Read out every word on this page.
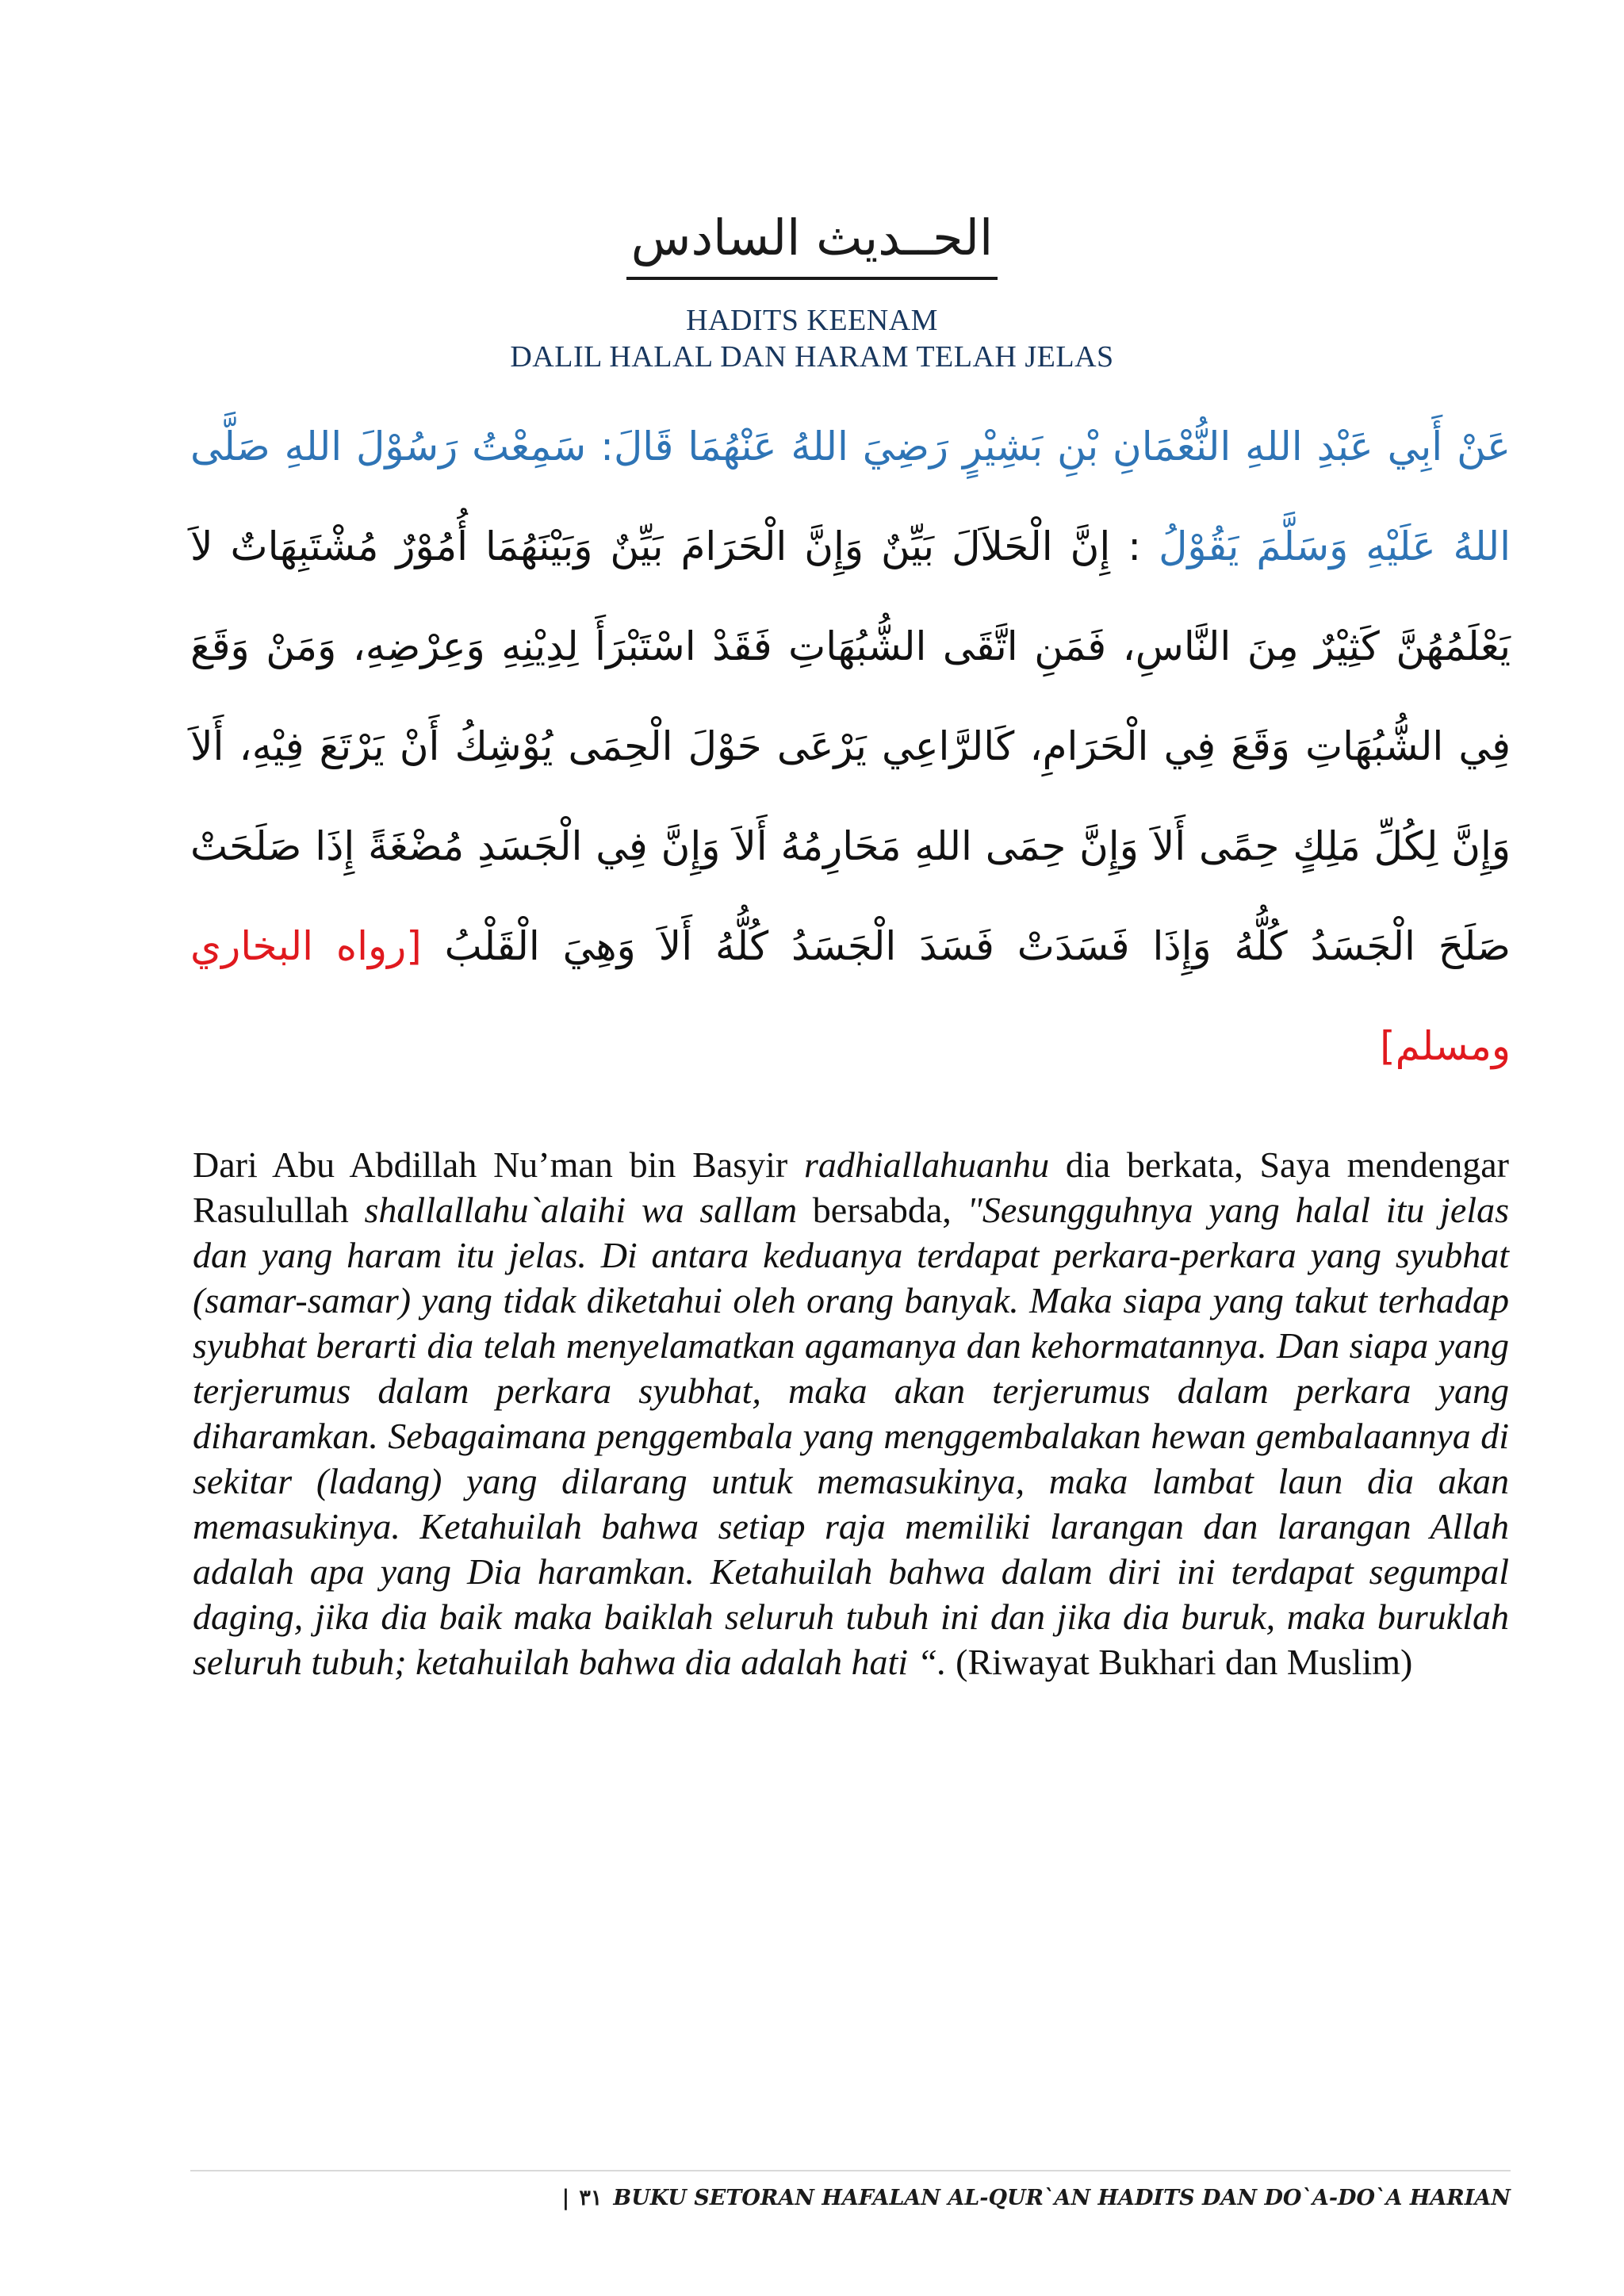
الحــديث السادس
HADITS KEENAM
DALIL HALAL DAN HARAM TELAH JELAS
عَنْ أَبِي عَبْدِ اللهِ النُّعْمَانِ بْنِ بَشِيْرٍ رَضِيَ اللهُ عَنْهُمَا قَالَ: سَمِعْتُ رَسُوْلَ اللهِ صَلَّى اللهُ عَلَيْهِ وَسَلَّمَ يَقُوْلُ : إِنَّ الْحَلاَلَ بَيِّنٌ وَإِنَّ الْحَرَامَ بَيِّنٌ وَبَيْنَهُمَا أُمُوْرٌ مُشْتَبِهَاتٌ لاَ يَعْلَمُهُنَّ كَثِيْرٌ مِنَ النَّاسِ، فَمَنِ اتَّقَى الشُّبُهَاتِ فَقَدْ اسْتَبْرَأَ لِدِيْنِهِ وَعِرْضِهِ، وَمَنْ وَقَعَ فِي الشُّبُهَاتِ وَقَعَ فِي الْحَرَامِ، كَالرَّاعِي يَرْعَى حَوْلَ الْحِمَى يُوْشِكُ أَنْ يَرْتَعَ فِيْهِ، أَلاَ وَإِنَّ لِكُلِّ مَلِكٍ حِمًى أَلاَ وَإِنَّ حِمَى اللهِ مَحَارِمُهُ أَلاَ وَإِنَّ فِي الْجَسَدِ مُضْغَةً إِذَا صَلَحَتْ صَلَحَ الْجَسَدُ كُلُّهُ وَإِذَا فَسَدَتْ فَسَدَ الْجَسَدُ كُلُّهُ أَلاَ وَهِيَ الْقَلْبُ [رواه البخاري ومسلم]
Dari Abu Abdillah Nu’man bin Basyir radhiallahuanhu dia berkata, Saya mendengar Rasulullah shallallahu`alaihi wa sallam bersabda, "Sesungguhnya yang halal itu jelas dan yang haram itu jelas. Di antara keduanya terdapat perkara-perkara yang syubhat (samar-samar) yang tidak diketahui oleh orang banyak. Maka siapa yang takut terhadap syubhat berarti dia telah menyelamatkan agamanya dan kehormatannya. Dan siapa yang terjerumus dalam perkara syubhat, maka akan terjerumus dalam perkara yang diharamkan. Sebagaimana penggembala yang menggembalakan hewan gembalaannya di sekitar (ladang) yang dilarang untuk memasukinya, maka lambat laun dia akan memasukinya. Ketahuilah bahwa setiap raja memiliki larangan dan larangan Allah adalah apa yang Dia haramkan. Ketahuilah bahwa dalam diri ini terdapat segumpal daging, jika dia baik maka baiklah seluruh tubuh ini dan jika dia buruk, maka buruklah seluruh tubuh; ketahuilah bahwa dia adalah hati “. (Riwayat Bukhari dan Muslim)
| ٣١ BUKU SETORAN HAFALAN AL-QUR`AN HADITS DAN DO`A-DO`A HARIAN
